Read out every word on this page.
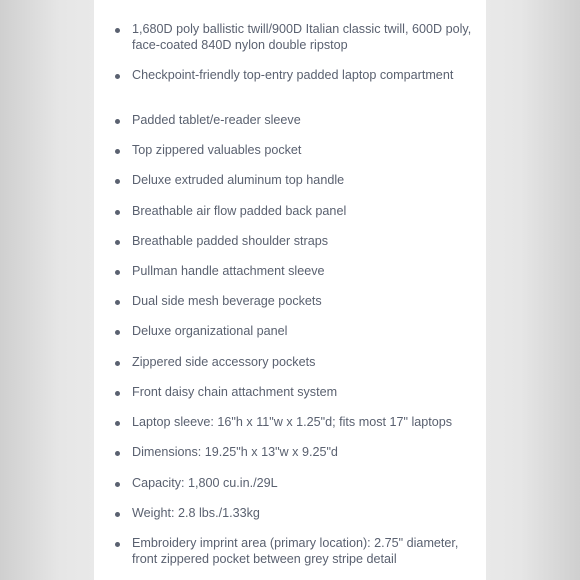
1,680D poly ballistic twill/900D Italian classic twill, 600D poly, face-coated 840D nylon double ripstop
Checkpoint-friendly top-entry padded laptop compartment
Padded tablet/e-reader sleeve
Top zippered valuables pocket
Deluxe extruded aluminum top handle
Breathable air flow padded back panel
Breathable padded shoulder straps
Pullman handle attachment sleeve
Dual side mesh beverage pockets
Deluxe organizational panel
Zippered side accessory pockets
Front daisy chain attachment system
Laptop sleeve: 16"h x 11"w x 1.25"d; fits most 17" laptops
Dimensions: 19.25"h x 13"w x 9.25"d
Capacity: 1,800 cu.in./29L
Weight: 2.8 lbs./1.33kg
Embroidery imprint area (primary location): 2.75" diameter, front zippered pocket between grey stripe detail
